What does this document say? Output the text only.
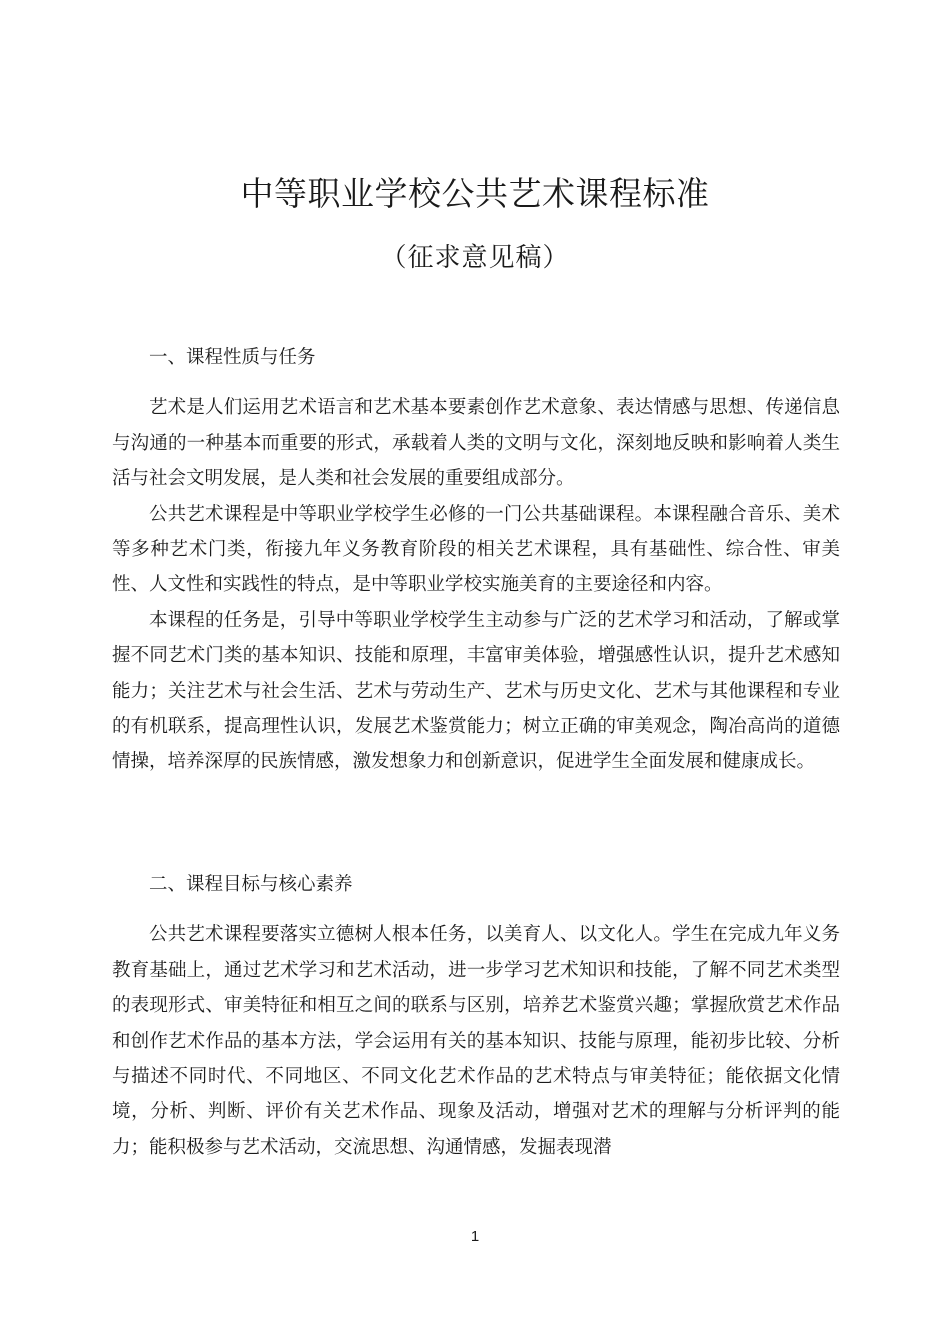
中等职业学校公共艺术课程标准
（征求意见稿）
一、课程性质与任务

艺术是人们运用艺术语言和艺术基本要素创作艺术意象、表达情感与思想、传递信息与沟通的一种基本而重要的形式，承载着人类的文明与文化，深刻地反映和影响着人类生活与社会文明发展，是人类和社会发展的重要组成部分。

公共艺术课程是中等职业学校学生必修的一门公共基础课程。本课程融合音乐、美术等多种艺术门类，衔接九年义务教育阶段的相关艺术课程，具有基础性、综合性、审美性、人文性和实践性的特点，是中等职业学校实施美育的主要途径和内容。

本课程的任务是，引导中等职业学校学生主动参与广泛的艺术学习和活动，了解或掌握不同艺术门类的基本知识、技能和原理，丰富审美体验，增强感性认识，提升艺术感知能力；关注艺术与社会生活、艺术与劳动生产、艺术与历史文化、艺术与其他课程和专业的有机联系，提高理性认识，发展艺术鉴赏能力；树立正确的审美观念，陶冶高尚的道德情操，培养深厚的民族情感，激发想象力和创新意识，促进学生全面发展和健康成长。

二、课程目标与核心素养

公共艺术课程要落实立德树人根本任务，以美育人、以文化人。学生在完成九年义务教育基础上，通过艺术学习和艺术活动，进一步学习艺术知识和技能，了解不同艺术类型的表现形式、审美特征和相互之间的联系与区别，培养艺术鉴赏兴趣；掌握欣赏艺术作品和创作艺术作品的基本方法，学会运用有关的基本知识、技能与原理，能初步比较、分析与描述不同时代、不同地区、不同文化艺术作品的艺术特点与审美特征；能依据文化情境，分析、判断、评价有关艺术作品、现象及活动，增强对艺术的理解与分析评判的能力；能积极参与艺术活动，交流思想、沟通情感，发掘表现潜

1
